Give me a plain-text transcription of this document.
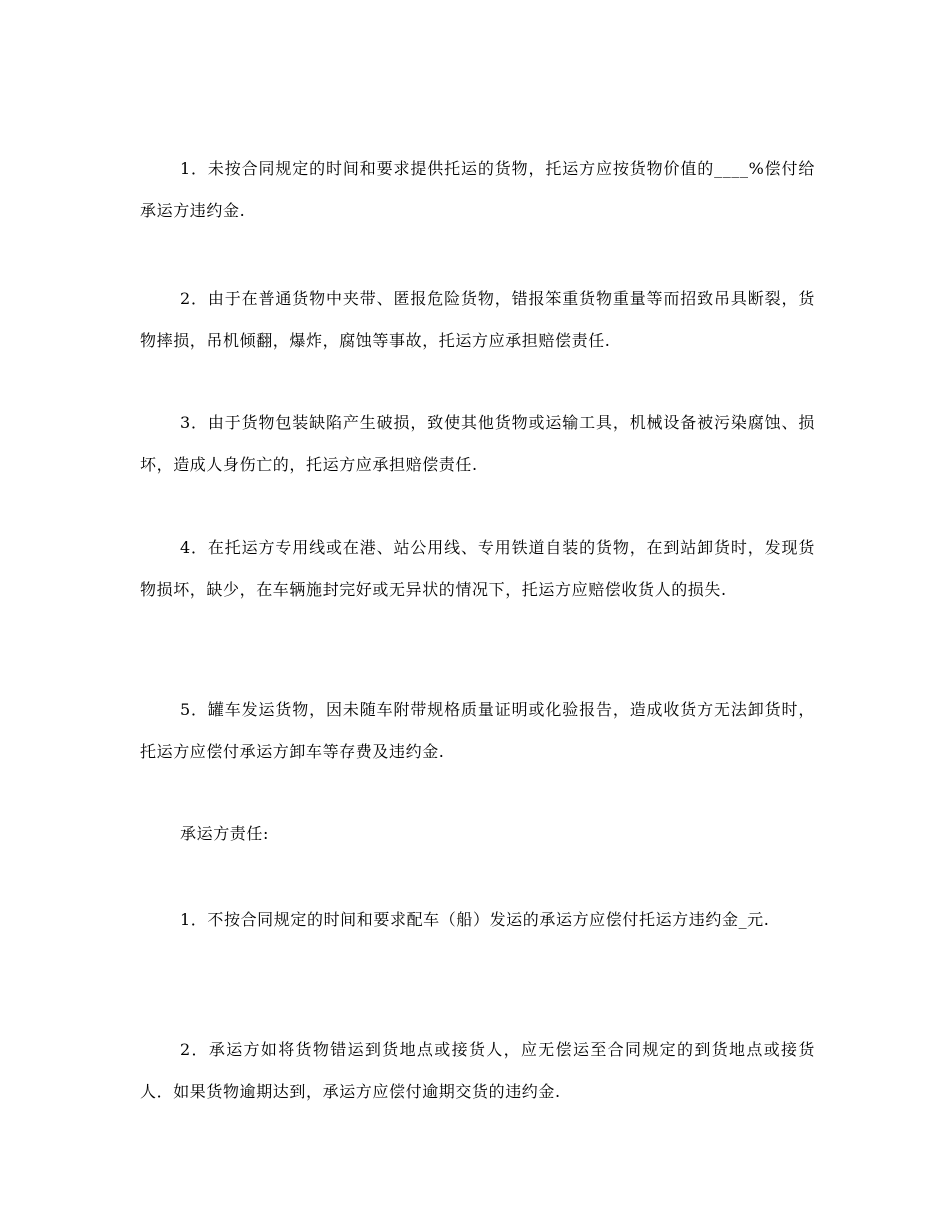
1．未按合同规定的时间和要求提供托运的货物，托运方应按货物价值的____%偿付给承运方违约金.

2．由于在普通货物中夹带、匿报危险货物，错报笨重货物重量等而招致吊具断裂，货物摔损，吊机倾翻，爆炸，腐蚀等事故，托运方应承担赔偿责任.

3．由于货物包装缺陷产生破损，致使其他货物或运输工具，机械设备被污染腐蚀、损坏，造成人身伤亡的，托运方应承担赔偿责任.

4．在托运方专用线或在港、站公用线、专用铁道自装的货物，在到站卸货时，发现货物损坏，缺少，在车辆施封完好或无异状的情况下，托运方应赔偿收货人的损失.

5．罐车发运货物，因未随车附带规格质量证明或化验报告，造成收货方无法卸货时，托运方应偿付承运方卸车等存费及违约金.

承运方责任:

1．不按合同规定的时间和要求配车（船）发运的承运方应偿付托运方违约金_元.

2．承运方如将货物错运到货地点或接货人，应无偿运至合同规定的到货地点或接货人．如果货物逾期达到，承运方应偿付逾期交货的违约金.
